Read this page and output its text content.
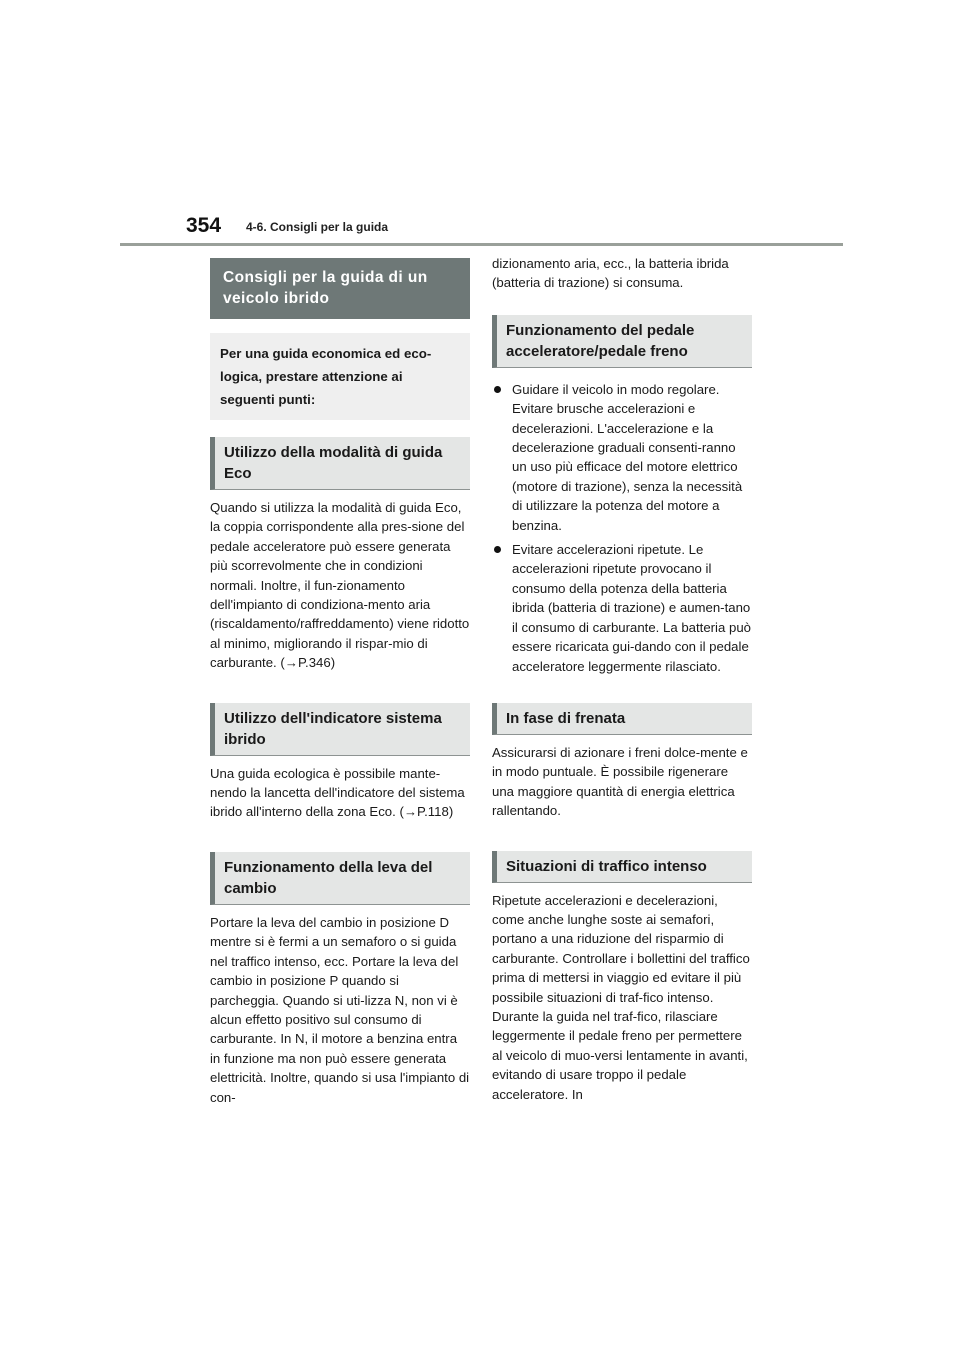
354 4-6. Consigli per la guida
Consigli per la guida di un veicolo ibrido
Per una guida economica ed eco-logica, prestare attenzione ai seguenti punti:
Utilizzo della modalità di guida Eco
Quando si utilizza la modalità di guida Eco, la coppia corrispondente alla pres-sione del pedale acceleratore può essere generata più scorrevolmente che in condizioni normali. Inoltre, il fun-zionamento dell'impianto di condiziona-mento aria (riscaldamento/raffreddamento) viene ridotto al minimo, migliorando il rispar-mio di carburante. (→P.346)
Utilizzo dell'indicatore sistema ibrido
Una guida ecologica è possibile mante-nendo la lancetta dell'indicatore del sistema ibrido all'interno della zona Eco. (→P.118)
Funzionamento della leva del cambio
Portare la leva del cambio in posizione D mentre si è fermi a un semaforo o si guida nel traffico intenso, ecc. Portare la leva del cambio in posizione P quando si parcheggia. Quando si uti-lizza N, non vi è alcun effetto positivo sul consumo di carburante. In N, il motore a benzina entra in funzione ma non può essere generata elettricità. Inoltre, quando si usa l'impianto di con-
dizionamento aria, ecc., la batteria ibrida (batteria di trazione) si consuma.
Funzionamento del pedale acceleratore/pedale freno
Guidare il veicolo in modo regolare. Evitare brusche accelerazioni e decelerazioni. L'accelerazione e la decelerazione graduali consenti-ranno un uso più efficace del motore elettrico (motore di trazione), senza la necessità di utilizzare la potenza del motore a benzina.
Evitare accelerazioni ripetute. Le accelerazioni ripetute provocano il consumo della potenza della batteria ibrida (batteria di trazione) e aumen-tano il consumo di carburante. La batteria può essere ricaricata gui-dando con il pedale acceleratore leggermente rilasciato.
In fase di frenata
Assicurarsi di azionare i freni dolce-mente e in modo puntuale. È possibile rigenerare una maggiore quantità di energia elettrica rallentando.
Situazioni di traffico intenso
Ripetute accelerazioni e decelerazioni, come anche lunghe soste ai semafori, portano a una riduzione del risparmio di carburante. Controllare i bollettini del traffico prima di mettersi in viaggio ed evitare il più possibile situazioni di traf-fico intenso. Durante la guida nel traf-fico, rilasciare leggermente il pedale freno per permettere al veicolo di muo-versi lentamente in avanti, evitando di usare troppo il pedale acceleratore. In
